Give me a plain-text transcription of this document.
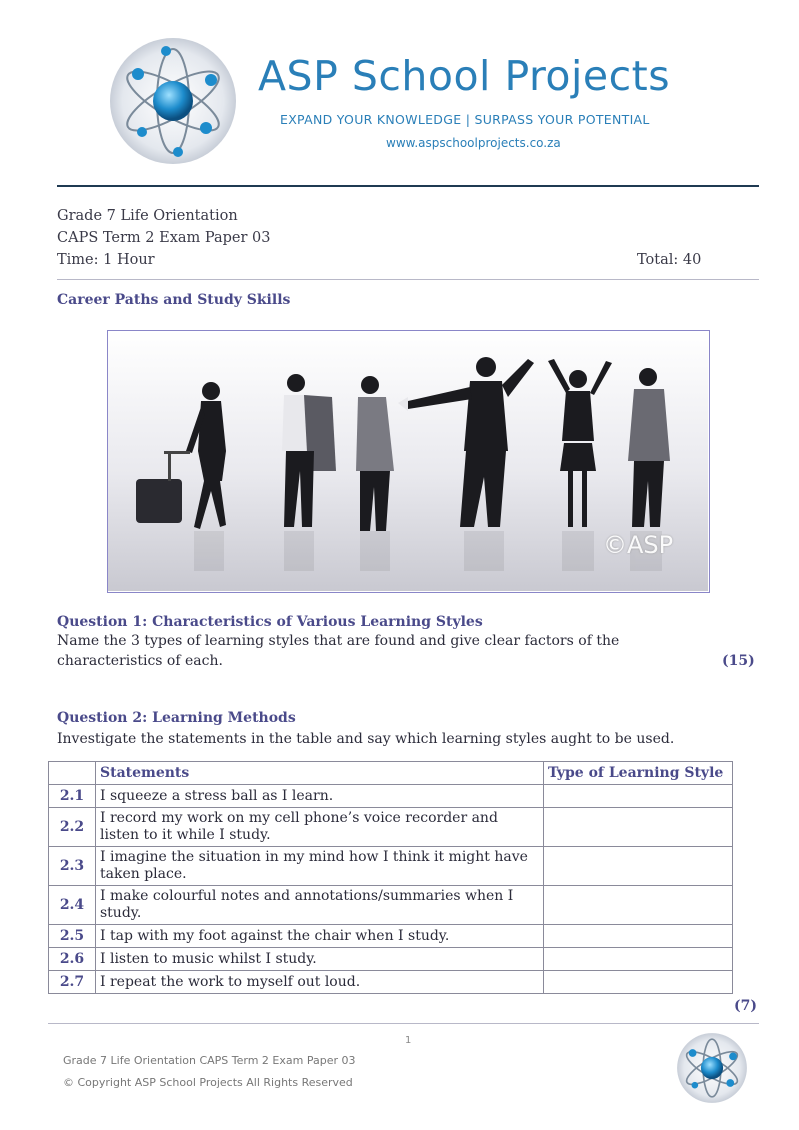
ASP School Projects
EXPAND YOUR KNOWLEDGE | SURPASS YOUR POTENTIAL
www.aspschoolprojects.co.za
Grade 7 Life Orientation
CAPS Term 2 Exam Paper 03
Time: 1 Hour	Total: 40
Career Paths and Study Skills
©ASP
Question 1: Characteristics of Various Learning Styles
Name the 3 types of learning styles that are found and give clear factors of the
characteristics of each.	(15)
Question 2: Learning Methods
Investigate the statements in the table and say which learning styles aught to be used.
	Statements	Type of Learning Style
2.1	I squeeze a stress ball as I learn.	
2.2	I record my work on my cell phone’s voice recorder and listen to it while I study.	
2.3	I imagine the situation in my mind how I think it might have taken place.	
2.4	I make colourful notes and annotations/summaries when I study.	
2.5	I tap with my foot against the chair when I study.	
2.6	I listen to music whilst I study.	
2.7	I repeat the work to myself out loud.	
(7)
1
Grade 7 Life Orientation CAPS Term 2 Exam Paper 03
© Copyright ASP School Projects All Rights Reserved
